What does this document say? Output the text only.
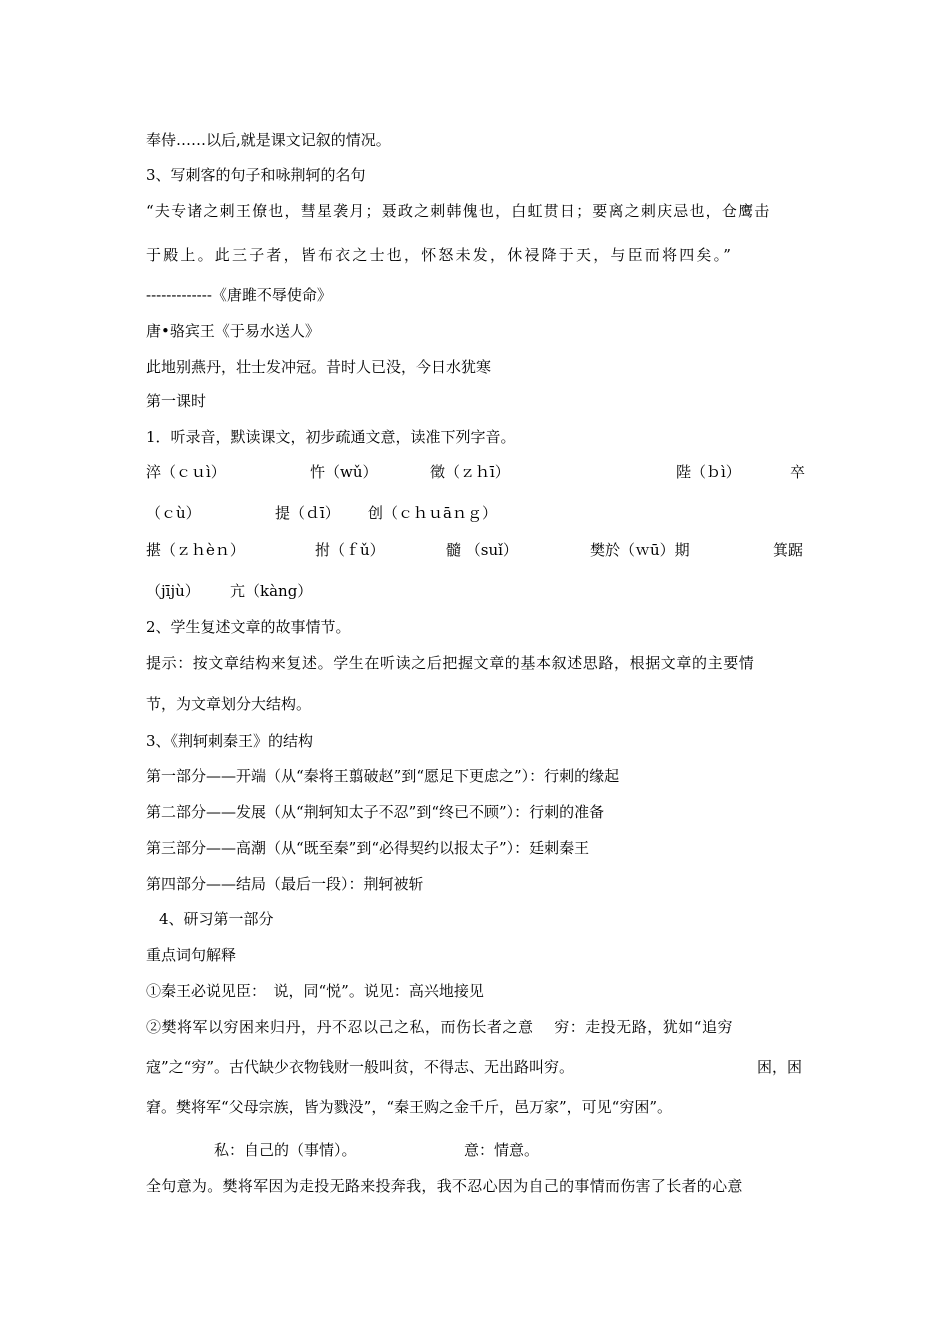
奉侍……以后,就是课文记叙的情况。
3、写刺客的句子和咏荆轲的名句
“夫专诸之刺王僚也，彗星袭月；聂政之刺韩傀也，白虹贯日；要离之刺庆忌也，仓鹰击
于殿上。此三子者，皆布衣之士也，怀怒未发，休祲降于天，与臣而将四矣。”
-------------《唐雎不辱使命》
唐•骆宾王《于易水送人》
此地别燕丹，壮士发冲冠。昔时人已没，今日水犹寒
第一课时
1．听录音，默读课文，初步疏通文意，读准下列字音。
淬（ｃｕì）	忤（wǔ）	徵（ｚｈī）	陛（ｂì）	卒
（ｃù）	提（ｄī） 创（ｃｈｕāｎｇ）
揕（ｚｈèｎ）	拊（ｆǔ）	髓 （suǐ）	樊於（ｗū）期	箕踞
（jījù） 亢（kàng）
2、学生复述文章的故事情节。
提示：按文章结构来复述。学生在听读之后把握文章的基本叙述思路，根据文章的主要情
节，为文章划分大结构。
3、《荆轲刺秦王》的结构
第一部分——开端（从“秦将王翦破赵”到“愿足下更虑之”）：行刺的缘起
第二部分——发展（从“荆轲知太子不忍”到“终已不顾”）：行刺的准备
第三部分——高潮（从“既至秦”到“必得契约以报太子”）：廷刺秦王
第四部分——结局（最后一段）：荆轲被斩
4、研习第一部分
重点词句解释
①秦王必说见臣：　说，同“悦”。说见：高兴地接见
②樊将军以穷困来归丹，丹不忍以己之私，而伤长者之意　 穷：走投无路，犹如“追穷
寇”之“穷”。古代缺少衣物钱财一般叫贫，不得志、无出路叫穷。	困，困
窘。樊将军“父母宗族，皆为戮没”，“秦王购之金千斤，邑万家”，可见“穷困”。
私：自己的（事情）。	意：情意。
全句意为。樊将军因为走投无路来投奔我，我不忍心因为自己的事情而伤害了长者的心意
